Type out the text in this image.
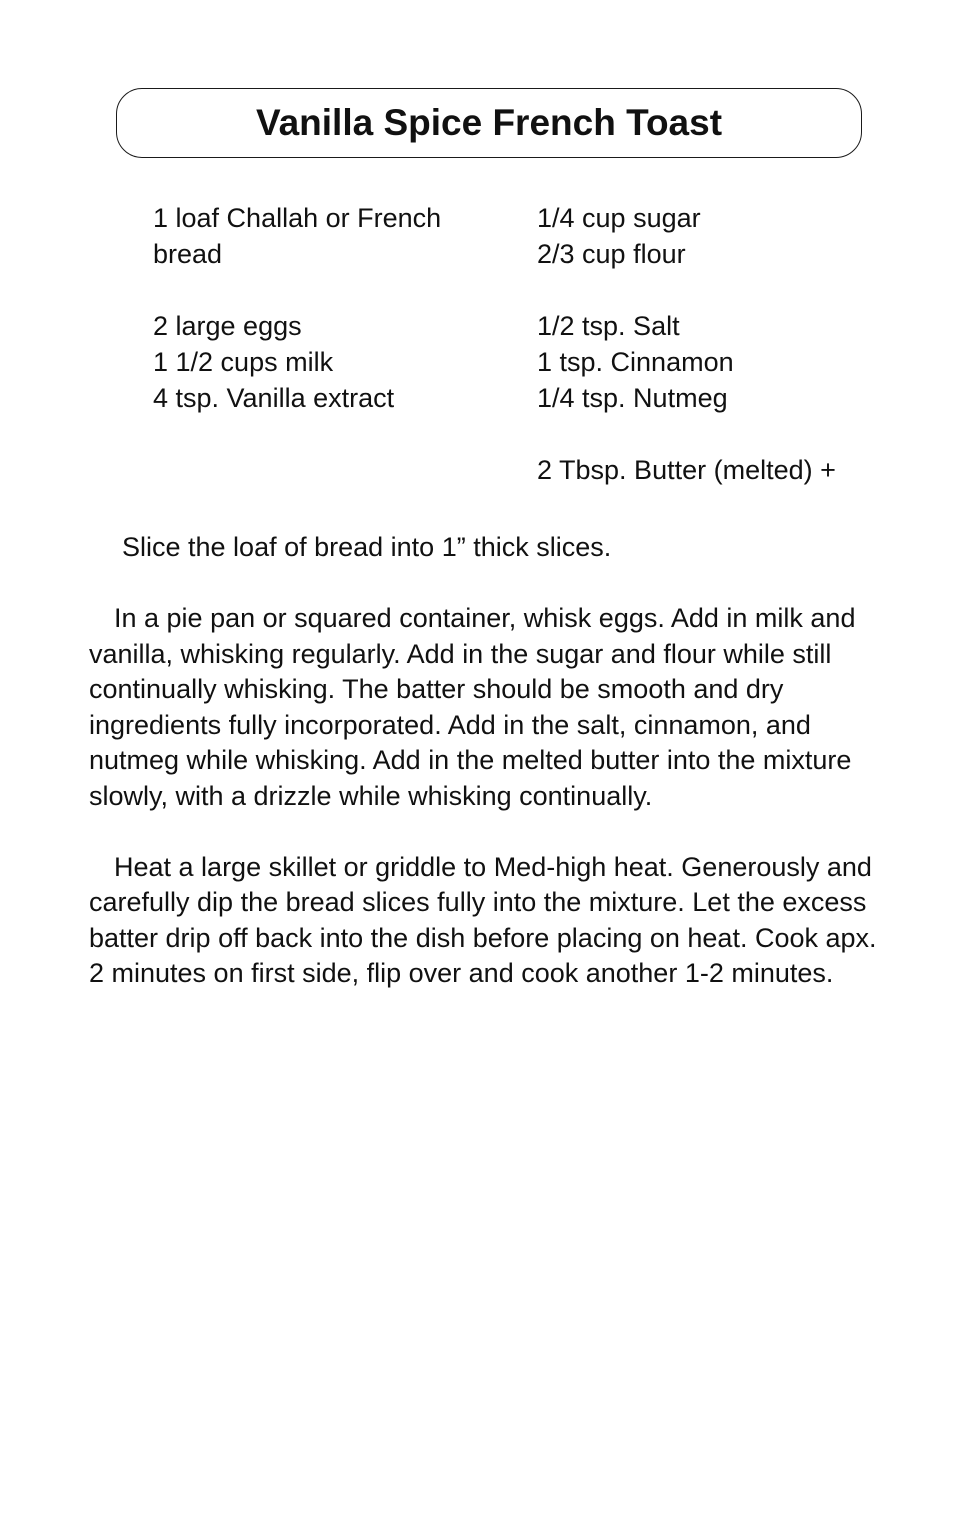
Vanilla Spice French Toast
1 loaf Challah or French bread
2 large eggs
1 1/2 cups milk
4 tsp. Vanilla extract
1/4 cup sugar
2/3 cup flour
1/2 tsp. Salt
1 tsp. Cinnamon
1/4 tsp. Nutmeg
2 Tbsp. Butter (melted) +

Slice the loaf of bread into 1” thick slices.

In a pie pan or squared container, whisk eggs. Add in milk and vanilla, whisking regularly. Add in the sugar and flour while still continually whisking. The batter should be smooth and dry ingredients fully incorporated. Add in the salt, cinnamon, and nutmeg while whisking. Add in the melted butter into the mixture slowly, with a drizzle while whisking continually.

Heat a large skillet or griddle to Med-high heat. Generously and carefully dip the bread slices fully into the mixture. Let the excess batter drip off back into the dish before placing on heat. Cook apx. 2 minutes on first side, flip over and cook another 1-2 minutes.
